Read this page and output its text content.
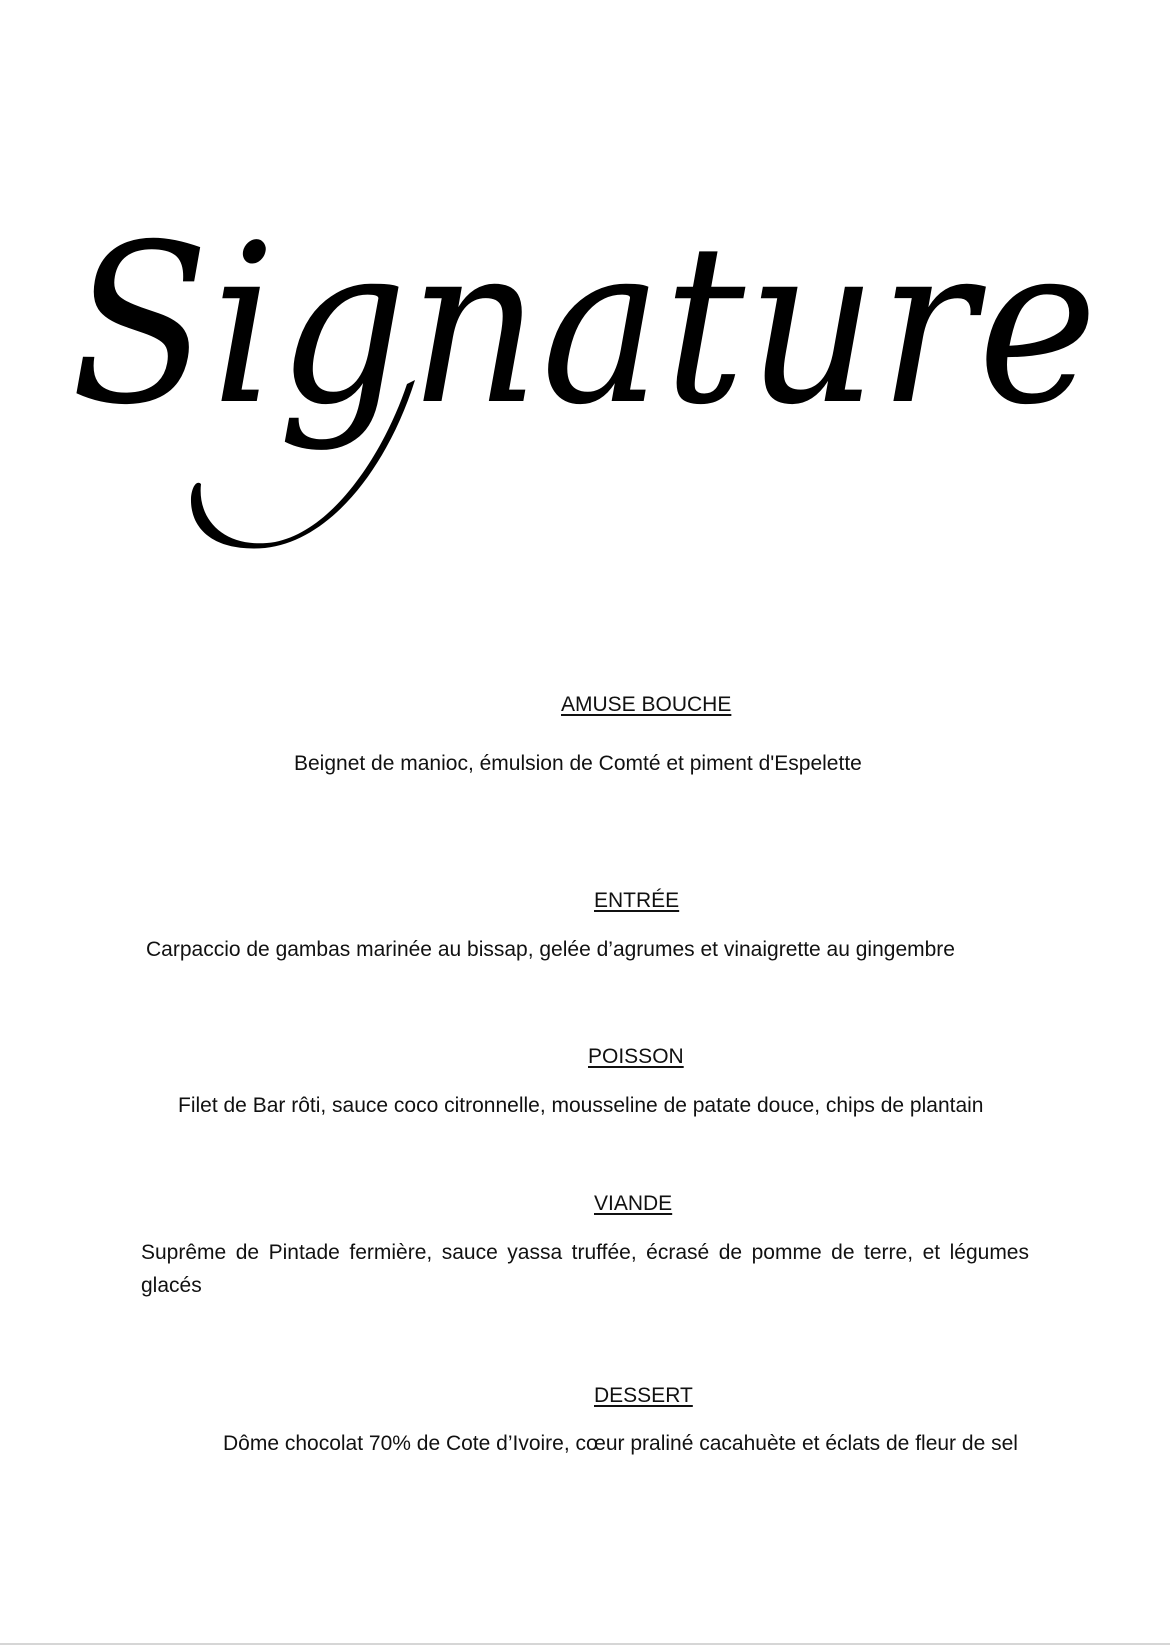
Signature
AMUSE BOUCHE
Beignet de manioc, émulsion de Comté et piment d'Espelette
ENTRÉE
Carpaccio de gambas marinée au bissap, gelée d’agrumes et vinaigrette au gingembre
POISSON
Filet de Bar rôti, sauce coco citronnelle, mousseline de patate douce, chips de plantain
VIANDE
Suprême de Pintade fermière, sauce yassa truffée, écrasé de pomme de terre, et légumes glacés
DESSERT
Dôme chocolat 70% de Cote d’Ivoire, cœur praliné cacahuète et éclats de fleur de sel
